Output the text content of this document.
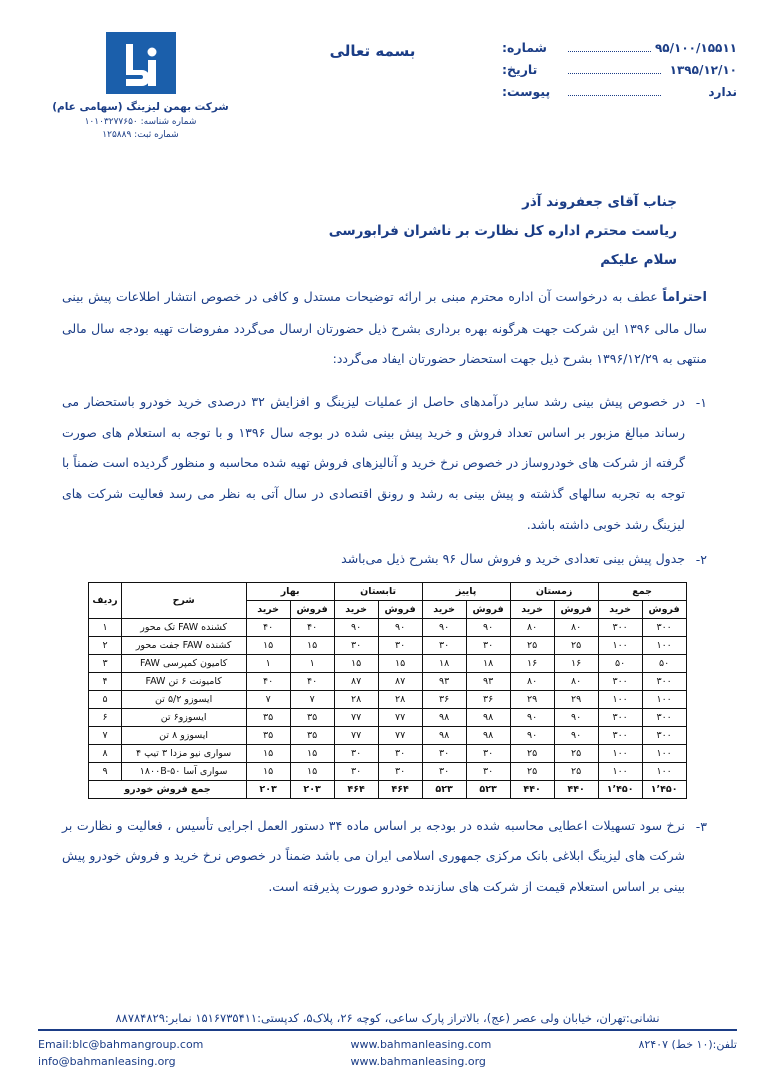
۹۵/۱۰۰/۱۵۵۱۱
شماره:
۱۳۹۵/۱۲/۱۰
تاریخ:
ندارد
پیوست:
بسمه تعالی
شرکت بهمن لیزینگ (سهامی عام)
شماره شناسه: ۱۰۱۰۳۲۷۷۶۵۰
شماره ثبت: ۱۲۵۸۸۹
جناب آقای جعفروند آذر
ریاست محترم اداره کل نظارت بر ناشران فرابورسی
سلام علیکم

احتراماً عطف به درخواست آن اداره محترم مبنی بر ارائه توضیحات مستدل و کافی در خصوص انتشار اطلاعات پیش بینی سال مالی ۱۳۹۶ این شرکت جهت هرگونه بهره برداری بشرح ذیل حضورتان ارسال می‌گردد مفروضات تهیه بودجه سال مالی منتهی به ۱۳۹۶/۱۲/۲۹ بشرح ذیل جهت استحضار حضورتان ایفاد می‌گردد:

۱-
در خصوص پیش بینی رشد سایر درآمدهای حاصل از عملیات لیزینگ و افزایش ۳۲ درصدی خرید خودرو باستحضار می رساند مبالغ مزبور بر اساس تعداد فروش و خرید پیش بینی شده در بوجه سال ۱۳۹۶ و با توجه به استعلام های صورت گرفته از شرکت های خودروساز در خصوص نرخ خرید و آنالیزهای فروش تهیه شده محاسبه و منظور گردیده است ضمناً با توجه به تجربه سالهای گذشته و پیش بینی به رشد و رونق اقتصادی در سال آتی به نظر می رسد فعالیت شرکت های لیزینگ رشد خوبی داشته باشد.
۲-
جدول پیش بینی تعدادی خرید و فروش سال ۹۶ بشرح ذیل می‌باشد
جمع		زمستان		پاییز		تابستان		بهار		شرح	ردیف
فروش	خرید	فروش	خرید	فروش	خرید	فروش	خرید	فروش	خرید		
۳۰۰	۳۰۰	۸۰	۸۰	۹۰	۹۰	۹۰	۹۰	۴۰	۴۰	کشنده FAW تک محور	۱
۱۰۰	۱۰۰	۲۵	۲۵	۳۰	۳۰	۳۰	۳۰	۱۵	۱۵	کشنده FAW جفت محور	۲
۵۰	۵۰	۱۶	۱۶	۱۸	۱۸	۱۵	۱۵	۱	۱	کامیون کمپرسی FAW	۳
۳۰۰	۳۰۰	۸۰	۸۰	۹۳	۹۳	۸۷	۸۷	۴۰	۴۰	کامیونت ۶ تن FAW	۴
۱۰۰	۱۰۰	۲۹	۲۹	۳۶	۳۶	۲۸	۲۸	۷	۷	ایسوزو ۵/۲ تن	۵
۳۰۰	۳۰۰	۹۰	۹۰	۹۸	۹۸	۷۷	۷۷	۳۵	۳۵	ایسوزو۶ تن	۶
۳۰۰	۳۰۰	۹۰	۹۰	۹۸	۹۸	۷۷	۷۷	۳۵	۳۵	ایسوزو ۸ تن	۷
۱۰۰	۱۰۰	۲۵	۲۵	۳۰	۳۰	۳۰	۳۰	۱۵	۱۵	سواری نیو مزدا ۳ تیپ ۴	۸
۱۰۰	۱۰۰	۲۵	۲۵	۳۰	۳۰	۳۰	۳۰	۱۵	۱۵	سواری آسا ۱۸۰۰B-۵۰	۹
۱٬۴۵۰	۱٬۴۵۰	۴۴۰	۴۴۰	۵۲۳	۵۲۳	۴۶۴	۴۶۴	۲۰۳	۲۰۳	جمع فروش خودرو	
۳-
نرخ سود تسهیلات اعطایی محاسبه شده در بودجه بر اساس ماده ۳۴ دستور العمل اجرایی تأسیس ، فعالیت و نظارت بر شرکت های لیزینگ ابلاغی بانک مرکزی جمهوری اسلامی ایران می باشد ضمناً در خصوص نرخ خرید و فروش خودرو پیش بینی بر اساس استعلام قیمت از شرکت های سازنده خودرو صورت پذیرفته است.
نشانی:تهران، خیابان ولی عصر (عج)، بالاتراز پارک ساعی، کوچه ۲۶، پلاک۵، کدپستی:۱۵۱۶۷۳۵۴۱۱ نمابر:۸۸۷۸۴۸۲۹
تلفن:(۱۰ خط) ۸۲۴۰۷
www.bahmanleasing.com
www.bahmanleasing.org
Email:blc@bahmangroup.com
info@bahmanleasing.org
